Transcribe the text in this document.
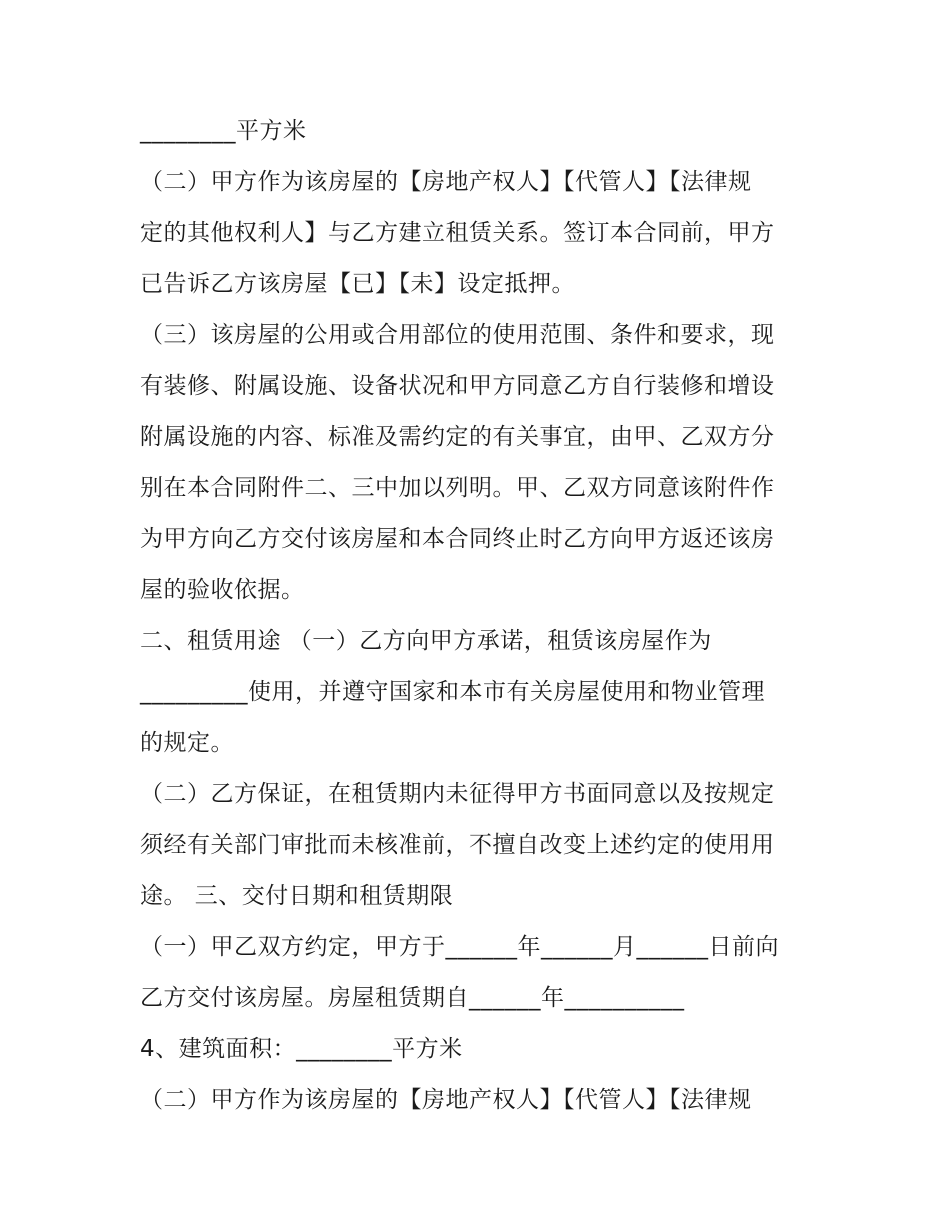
________平方米

（二）甲方作为该房屋的【房地产权人】【代管人】【法律规

定的其他权利人】与乙方建立租赁关系。签订本合同前，甲方

已告诉乙方该房屋【已】【未】设定抵押。

（三）该房屋的公用或合用部位的使用范围、条件和要求，现

有装修、附属设施、设备状况和甲方同意乙方自行装修和增设

附属设施的内容、标准及需约定的有关事宜，由甲、乙双方分

别在本合同附件二、三中加以列明。甲、乙双方同意该附件作

为甲方向乙方交付该房屋和本合同终止时乙方向甲方返还该房

屋的验收依据。

二、租赁用途 （一）乙方向甲方承诺，租赁该房屋作为

_________使用，并遵守国家和本市有关房屋使用和物业管理

的规定。

（二）乙方保证，在租赁期内未征得甲方书面同意以及按规定

须经有关部门审批而未核准前，不擅自改变上述约定的使用用

途。 三、交付日期和租赁期限

（一）甲乙双方约定，甲方于______年______月______日前向

乙方交付该房屋。房屋租赁期自______年__________

4、建筑面积：________平方米

（二）甲方作为该房屋的【房地产权人】【代管人】【法律规
